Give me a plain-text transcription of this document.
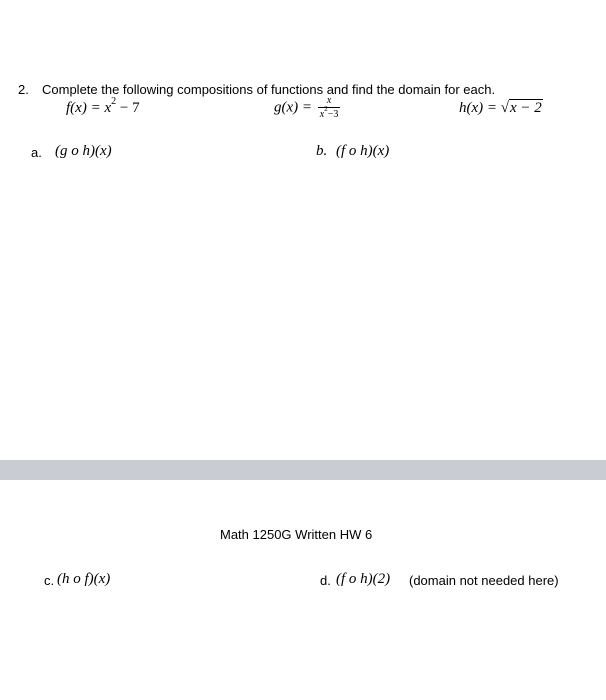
2. Complete the following compositions of functions and find the domain for each.
$f(x) = x^2 - 7$	$g(x) = \frac{x}{x^2-3}$	h(x) = √x − 2
a. (g o h)(x)	b. (f o h)(x)
Math 1250G Written HW 6
c. (h o f)(x)	d. (f o h)(2) (domain not needed here)
